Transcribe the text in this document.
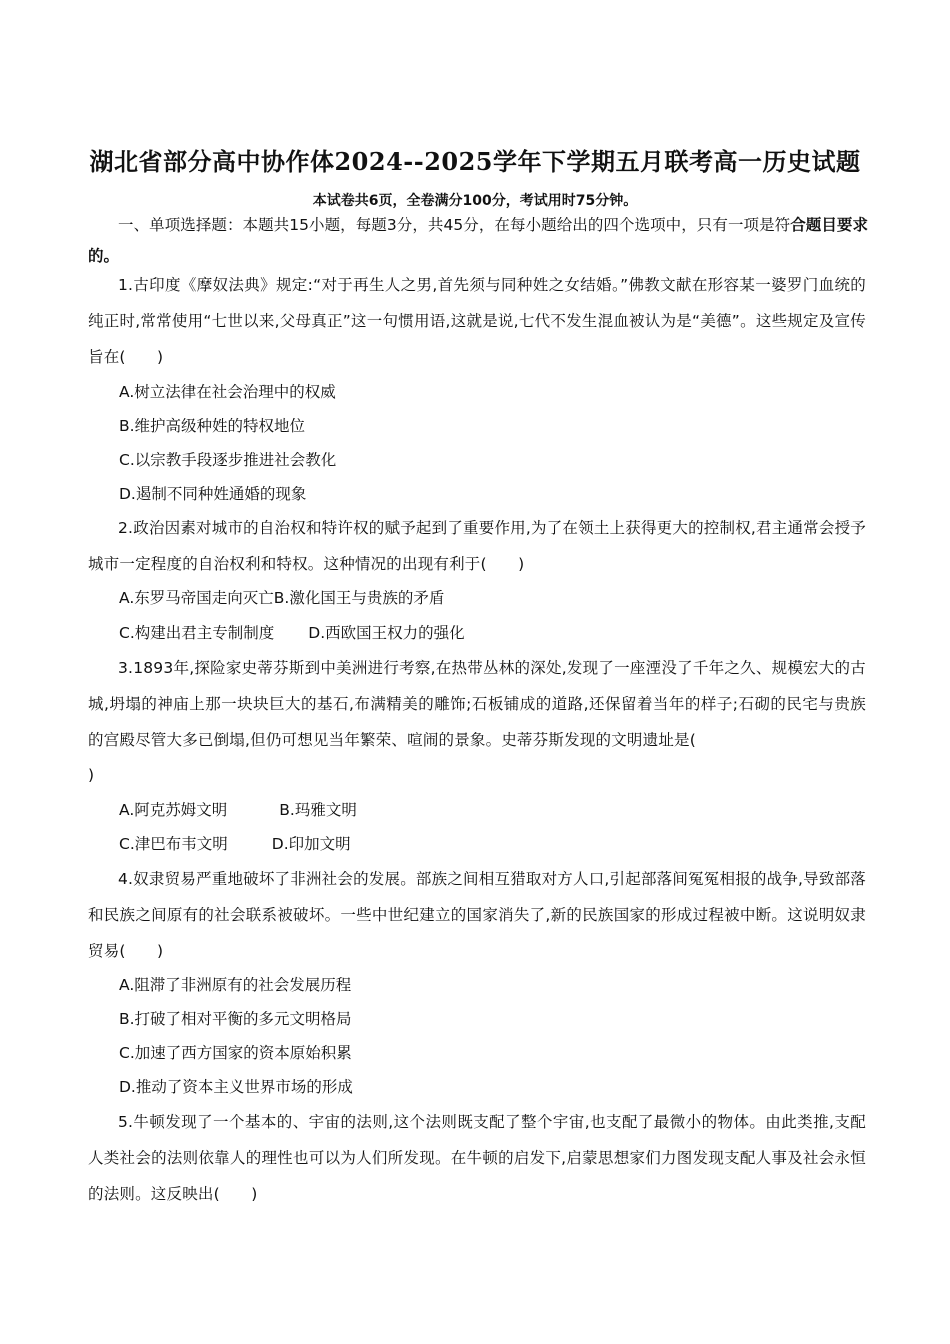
湖北省部分高中协作体2024--2025学年下学期五月联考高一历史试题
本试卷共6页，全卷满分100分，考试用时75分钟。
一、单项选择题：本题共15小题，每题3分，共45分，在每小题给出的四个选项中，只有一项是符合题目要求的。
1.古印度《摩奴法典》规定:“对于再生人之男,首先须与同种姓之女结婚。”佛教文献在形容某一婆罗门血统的纯正时,常常使用“七世以来,父母真正”这一句惯用语,这就是说,七代不发生混血被认为是“美德”。这些规定及宣传旨在(　　)
A.树立法律在社会治理中的权威
B.维护高级种姓的特权地位
C.以宗教手段逐步推进社会教化
D.遏制不同种姓通婚的现象
2.政治因素对城市的自治权和特许权的赋予起到了重要作用,为了在领土上获得更大的控制权,君主通常会授予城市一定程度的自治权利和特权。这种情况的出现有利于(　　)
A.东罗马帝国走向灭亡B.激化国王与贵族的矛盾
C.构建出君主专制制度 D.西欧国王权力的强化
3.1893年,探险家史蒂芬斯到中美洲进行考察,在热带丛林的深处,发现了一座湮没了千年之久、规模宏大的古城,坍塌的神庙上那一块块巨大的基石,布满精美的雕饰;石板铺成的道路,还保留着当年的样子;石砌的民宅与贵族的宫殿尽管大多已倒塌,但仍可想见当年繁荣、喧闹的景象。史蒂芬斯发现的文明遗址是(
)
A.阿克苏姆文明	B.玛雅文明
C.津巴布韦文明	D.印加文明
4.奴隶贸易严重地破坏了非洲社会的发展。部族之间相互猎取对方人口,引起部落间冤冤相报的战争,导致部落和民族之间原有的社会联系被破坏。一些中世纪建立的国家消失了,新的民族国家的形成过程被中断。这说明奴隶贸易(　　)
A.阻滞了非洲原有的社会发展历程
B.打破了相对平衡的多元文明格局
C.加速了西方国家的资本原始积累
D.推动了资本主义世界市场的形成
5.牛顿发现了一个基本的、宇宙的法则,这个法则既支配了整个宇宙,也支配了最微小的物体。由此类推,支配人类社会的法则依靠人的理性也可以为人们所发现。在牛顿的启发下,启蒙思想家们力图发现支配人事及社会永恒的法则。这反映出(　　)
